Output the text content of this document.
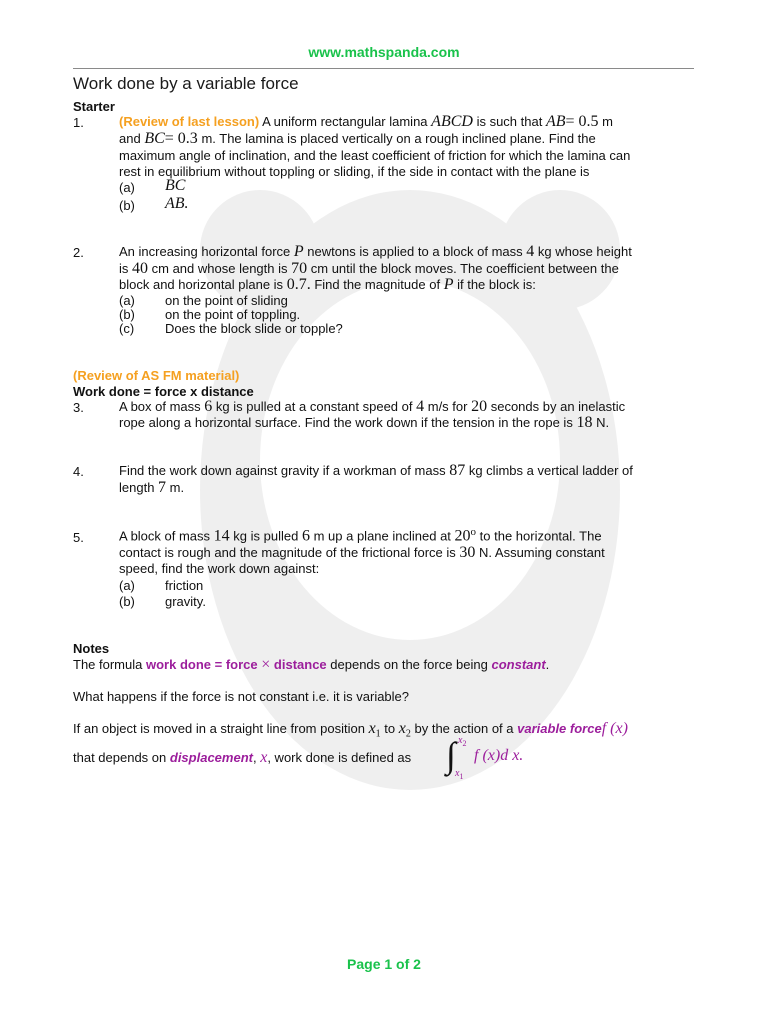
www.mathspanda.com
Work done by a variable force
Starter
1.	(Review of last lesson) A uniform rectangular lamina ABCD is such that AB= 0.5 m
and BC= 0.3 m. The lamina is placed vertically on a rough inclined plane. Find the
maximum angle of inclination, and the least coefficient of friction for which the lamina can
rest in equilibrium without toppling or sliding, if the side in contact with the plane is
(a) BC
(b) AB.
2.	An increasing horizontal force P newtons is applied to a block of mass 4 kg whose height
is 40 cm and whose length is 70 cm until the block moves. The coefficient between the
block and horizontal plane is 0.7. Find the magnitude of P if the block is:
(a) on the point of sliding
(b) on the point of toppling.
(c) Does the block slide or topple?
(Review of AS FM material)
Work done = force x distance
3.	A box of mass 6 kg is pulled at a constant speed of 4 m/s for 20 seconds by an inelastic
rope along a horizontal surface. Find the work down if the tension in the rope is 18 N.
4.	Find the work down against gravity if a workman of mass 87 kg climbs a vertical ladder of
length 7 m.
5.	A block of mass 14 kg is pulled 6 m up a plane inclined at 20$^o$ to the horizontal. The
contact is rough and the magnitude of the frictional force is 30 N. Assuming constant
speed, find the work down against:
(a) friction
(b) gravity.
Notes
The formula work done = force × distance depends on the force being constant.
What happens if the force is not constant i.e. it is variable?
If an object is moved in a straight line from position $x_1$ to $x_2$ by the action of a variable forcef (x)
that depends on displacement, x, work done is defined as ∫ $x_2$
$x_1$
f (x)d x.
Page 1 of 2
